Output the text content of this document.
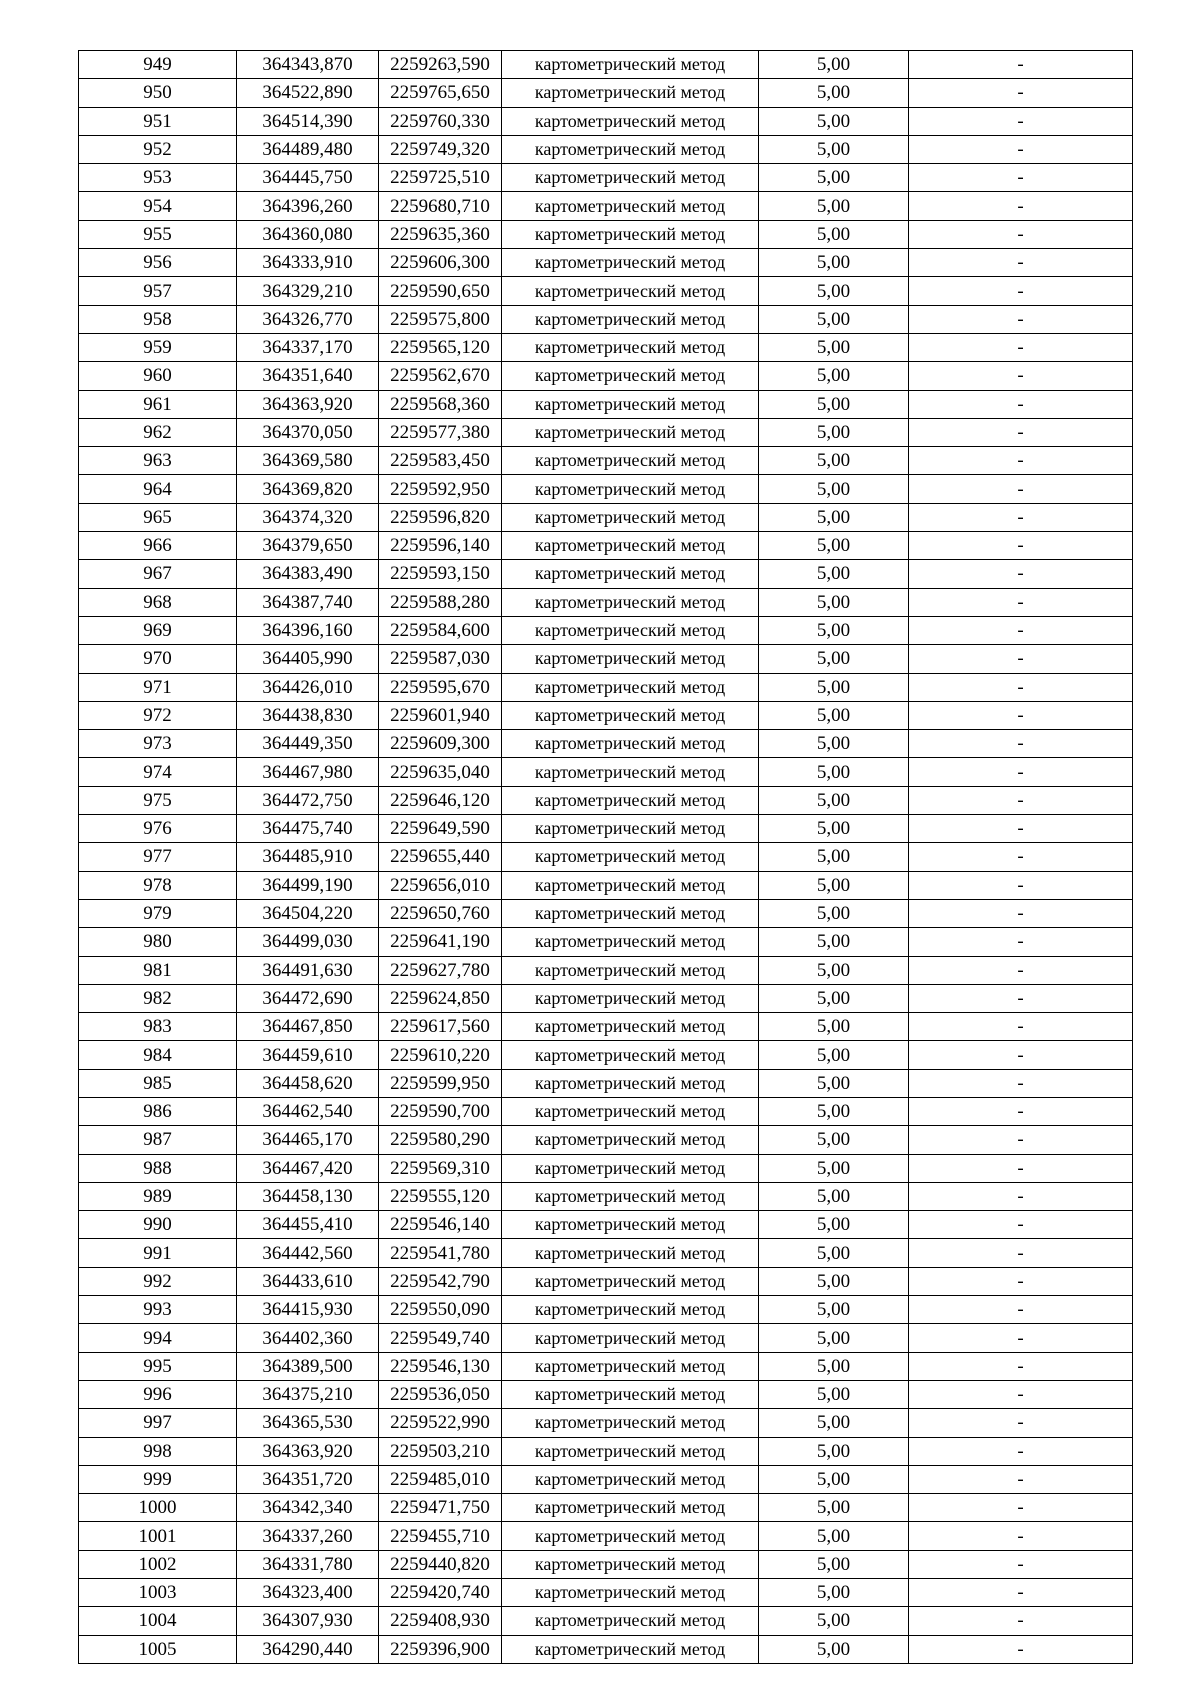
949	364343,870	2259263,590	картометрический метод	5,00	-
950	364522,890	2259765,650	картометрический метод	5,00	-
951	364514,390	2259760,330	картометрический метод	5,00	-
952	364489,480	2259749,320	картометрический метод	5,00	-
953	364445,750	2259725,510	картометрический метод	5,00	-
954	364396,260	2259680,710	картометрический метод	5,00	-
955	364360,080	2259635,360	картометрический метод	5,00	-
956	364333,910	2259606,300	картометрический метод	5,00	-
957	364329,210	2259590,650	картометрический метод	5,00	-
958	364326,770	2259575,800	картометрический метод	5,00	-
959	364337,170	2259565,120	картометрический метод	5,00	-
960	364351,640	2259562,670	картометрический метод	5,00	-
961	364363,920	2259568,360	картометрический метод	5,00	-
962	364370,050	2259577,380	картометрический метод	5,00	-
963	364369,580	2259583,450	картометрический метод	5,00	-
964	364369,820	2259592,950	картометрический метод	5,00	-
965	364374,320	2259596,820	картометрический метод	5,00	-
966	364379,650	2259596,140	картометрический метод	5,00	-
967	364383,490	2259593,150	картометрический метод	5,00	-
968	364387,740	2259588,280	картометрический метод	5,00	-
969	364396,160	2259584,600	картометрический метод	5,00	-
970	364405,990	2259587,030	картометрический метод	5,00	-
971	364426,010	2259595,670	картометрический метод	5,00	-
972	364438,830	2259601,940	картометрический метод	5,00	-
973	364449,350	2259609,300	картометрический метод	5,00	-
974	364467,980	2259635,040	картометрический метод	5,00	-
975	364472,750	2259646,120	картометрический метод	5,00	-
976	364475,740	2259649,590	картометрический метод	5,00	-
977	364485,910	2259655,440	картометрический метод	5,00	-
978	364499,190	2259656,010	картометрический метод	5,00	-
979	364504,220	2259650,760	картометрический метод	5,00	-
980	364499,030	2259641,190	картометрический метод	5,00	-
981	364491,630	2259627,780	картометрический метод	5,00	-
982	364472,690	2259624,850	картометрический метод	5,00	-
983	364467,850	2259617,560	картометрический метод	5,00	-
984	364459,610	2259610,220	картометрический метод	5,00	-
985	364458,620	2259599,950	картометрический метод	5,00	-
986	364462,540	2259590,700	картометрический метод	5,00	-
987	364465,170	2259580,290	картометрический метод	5,00	-
988	364467,420	2259569,310	картометрический метод	5,00	-
989	364458,130	2259555,120	картометрический метод	5,00	-
990	364455,410	2259546,140	картометрический метод	5,00	-
991	364442,560	2259541,780	картометрический метод	5,00	-
992	364433,610	2259542,790	картометрический метод	5,00	-
993	364415,930	2259550,090	картометрический метод	5,00	-
994	364402,360	2259549,740	картометрический метод	5,00	-
995	364389,500	2259546,130	картометрический метод	5,00	-
996	364375,210	2259536,050	картометрический метод	5,00	-
997	364365,530	2259522,990	картометрический метод	5,00	-
998	364363,920	2259503,210	картометрический метод	5,00	-
999	364351,720	2259485,010	картометрический метод	5,00	-
1000	364342,340	2259471,750	картометрический метод	5,00	-
1001	364337,260	2259455,710	картометрический метод	5,00	-
1002	364331,780	2259440,820	картометрический метод	5,00	-
1003	364323,400	2259420,740	картометрический метод	5,00	-
1004	364307,930	2259408,930	картометрический метод	5,00	-
1005	364290,440	2259396,900	картометрический метод	5,00	-
